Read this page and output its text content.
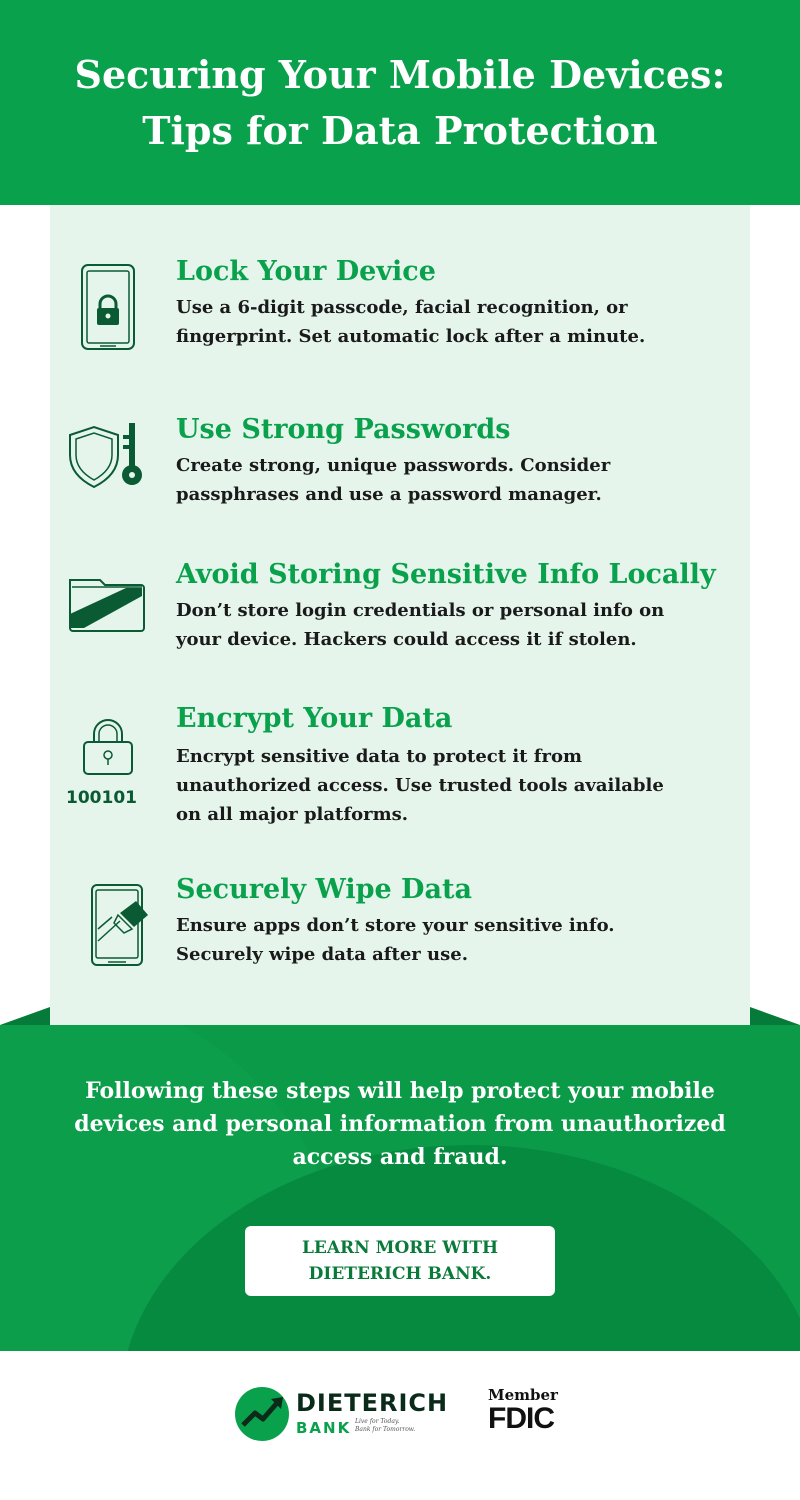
Securing Your Mobile Devices:
Tips for Data Protection
Lock Your Device

Use a 6-digit passcode, facial recognition, or
fingerprint. Set automatic lock after a minute.

Use Strong Passwords

Create strong, unique passwords. Consider
passphrases and use a password manager.

Avoid Storing Sensitive Info Locally

Don’t store login credentials or personal info on
your device. Hackers could access it if stolen.

100101
Encrypt Your Data

Encrypt sensitive data to protect it from
unauthorized access. Use trusted tools available
on all major platforms.

Securely Wipe Data

Ensure apps don’t store your sensitive info.
Securely wipe data after use.

Following these steps will help protect your mobile
devices and personal information from unauthorized
access and fraud.

LEARN MORE WITH
DIETERICH BANK.
DIETERICH
BANK Live for Today.
Bank for Tomorrow.
Member
FDIC
